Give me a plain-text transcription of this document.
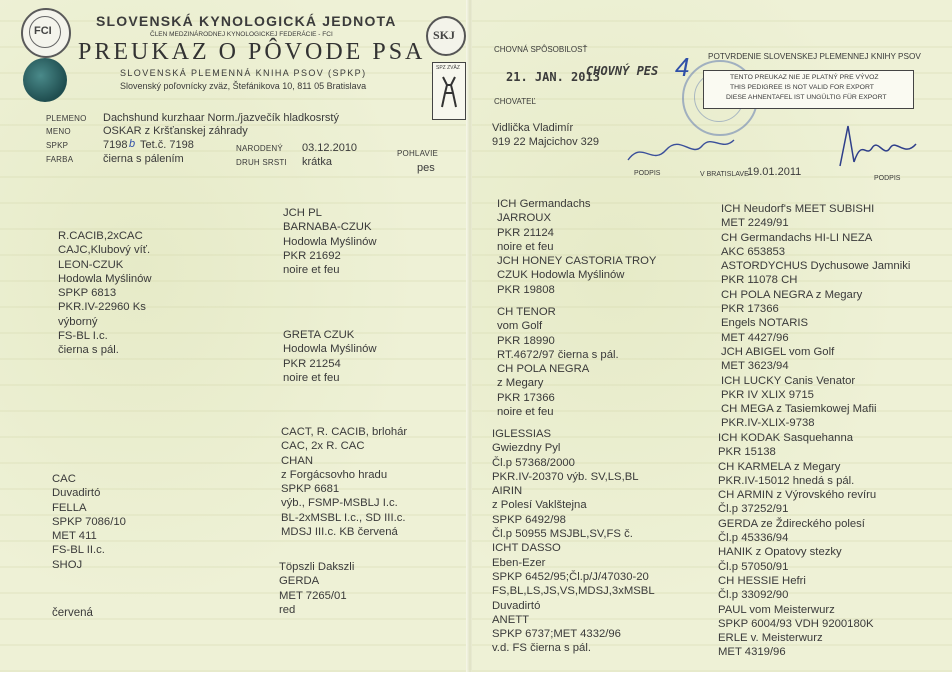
FCI
SLOVENSKÁ KYNOLOGICKÁ JEDNOTA
ČLEN MEDZINÁRODNEJ KYNOLOGICKEJ FEDERÁCIE - FCI
PREUKAZ O PÔVODE PSA
SLOVENSKÁ PLEMENNÁ KNIHA PSOV (SPKP)
Slovenský poľovnícky zväz, Štefánikova 10, 811 05 Bratislava
SKJ
SPZ ZVÄZ
PLEMENO Dachshund kurzhaar Norm./jazvečík hladkosrstý
MENO	OSKAR z Kršťanskej záhrady
SPKP	7198 b Tet.č. 7198
FARBA	čierna s pálením
NARODENÝ 03.12.2010
DRUH SRSTI krátka
POHLAVIE
pes
R.CACIB,2xCAC
CAJC,Klubový víť.
LEON-CZUK
Hodowla Myślinów
SPKP 6813
PKR.IV-22960 Ks
výborný
FS-BL I.c.
čierna s pál.
JCH PL
BARNABA-CZUK
Hodowla Myślinów
PKR 21692
noire et feu
GRETA CZUK
Hodowla Myślinów
PKR 21254
noire et feu
CAC
Duvadirtó
FELLA
SPKP 7086/10
MET 411
FS-BL II.c.
SHOJ
červená
CACT, R. CACIB, brlohár
CAC, 2x R. CAC
CHAN
z Forgácsovho hradu
SPKP 6681
výb., FSMP-MSBLJ I.c.
BL-2xMSBL I.c., SD III.c.
MDSJ III.c. KB červená
Töpszli Dakszli
GERDA
MET 7265/01
red
CHOVNÁ SPÔSOBILOSŤ
21. JAN. 2013
CHOVNÝ PES 4
CHOVATEĽ
Vidlička Vladimír
919 22 Majcichov 329
PODPIS
POTVRDENIE SLOVENSKEJ PLEMENNEJ KNIHY PSOV
TENTO PREUKAZ NIE JE PLATNÝ PRE VÝVOZ
THIS PEDIGREE IS NOT VALID FOR EXPORT
DIESE AHNENTAFEL IST UNGÜLTIG FÜR EXPORT
V BRATISLAVE
19.01.2011
PODPIS
ICH Germandachs
JARROUX
PKR 21124
noire et feu
JCH HONEY CASTORIA TROY
CZUK Hodowla Myślinów
PKR 19808
CH TENOR
vom Golf
PKR 18990
RT.4672/97 čierna s pál.
CH POLA NEGRA
z Megary
PKR 17366
noire et feu
IGLESSIAS
Gwiezdny Pyl
Čl.p 57368/2000
PKR.IV-20370 výb. SV,LS,BL
AIRIN
z Polesí Vaklštejna
SPKP 6492/98
Čl.p 50955 MSJBL,SV,FS č.
ICHT DASSO
Eben-Ezer
SPKP 6452/95;Čl.p/J/47030-20
FS,BL,LS,JS,VS,MDSJ,3xMSBL
Duvadirtó
ANETT
SPKP 6737;MET 4332/96
v.d. FS čierna s pál.
ICH Neudorf's MEET SUBISHI
MET 2249/91
CH Germandachs HI-LI NEZA
AKC 653853
ASTORDYCHUS Dychusowe Jamniki
PKR 11078 CH
CH POLA NEGRA z Megary
PKR 17366
Engels NOTARIS
MET 4427/96
JCH ABIGEL vom Golf
MET 3623/94
ICH LUCKY Canis Venator
PKR IV XLIX 9715
CH MEGA z Tasiemkowej Mafii
PKR.IV-XLIX-9738
ICH KODAK Sasquehanna
PKR 15138
CH KARMELA z Megary
PKR.IV-15012 hnedá s pál.
CH ARMIN z Výrovského revíru
Čl.p 37252/91
GERDA ze Ždireckého polesí
Čl.p 45336/94
HANIK z Opatovy stezky
Čl.p 57050/91
CH HESSIE Hefri
Čl.p 33092/90
PAUL vom Meisterwurz
SPKP 6004/93 VDH 9200180K
ERLE v. Meisterwurz
MET 4319/96
